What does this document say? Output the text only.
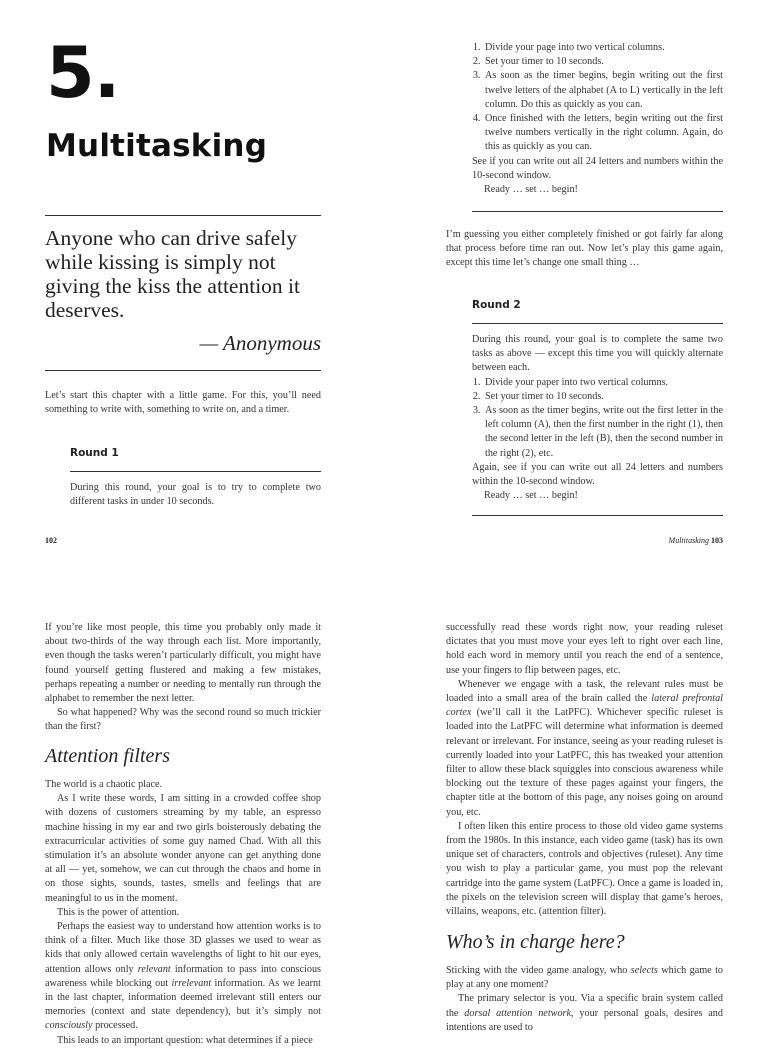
5.
Multitasking
Anyone who can drive safely while kissing is simply not giving the kiss the attention it deserves.
— Anonymous

Let’s start this chapter with a little game. For this, you’ll need something to write with, something to write on, and a timer.

Round 1

During this round, your goal is to try to complete two different tasks in under 10 seconds.

102
1. Divide your page into two vertical columns.
2. Set your timer to 10 seconds.
3. As soon as the timer begins, begin writing out the first twelve letters of the alphabet (A to L) vertically in the left column. Do this as quickly as you can.
4. Once finished with the letters, begin writing out the first twelve numbers vertically in the right column. Again, do this as quickly as you can.

See if you can write out all 24 letters and numbers within the 10-second window.

Ready … set … begin!

I’m guessing you either completely finished or got fairly far along that process before time ran out. Now let’s play this game again, except this time let’s change one small thing …

Round 2

During this round, your goal is to complete the same two tasks as above — except this time you will quickly alternate between each.

1. Divide your paper into two vertical columns.
2. Set your timer to 10 seconds.
3. As soon as the timer begins, write out the first letter in the left column (A), then the first number in the right (1), then the second letter in the left (B), then the second number in the right (2), etc.

Again, see if you can write out all 24 letters and numbers within the 10-second window.

Ready … set … begin!

Multitasking 103

If you’re like most people, this time you probably only made it about two-thirds of the way through each list. More importantly, even though the tasks weren’t particularly difficult, you might have found yourself getting flustered and making a few mistakes, perhaps repeating a number or needing to mentally run through the alphabet to remember the next letter.

So what happened? Why was the second round so much trickier than the first?

Attention filters

The world is a chaotic place.

As I write these words, I am sitting in a crowded coffee shop with dozens of customers streaming by my table, an espresso machine hissing in my ear and two girls boisterously debating the extracurricular activities of some guy named Chad. With all this stimulation it’s an absolute wonder anyone can get anything done at all — yet, somehow, we can cut through the chaos and home in on those sights, sounds, tastes, smells and feelings that are meaningful to us in the moment.

This is the power of attention.

Perhaps the easiest way to understand how attention works is to think of a filter. Much like those 3D glasses we used to wear as kids that only allowed certain wavelengths of light to hit our eyes, attention allows only relevant information to pass into conscious awareness while blocking out irrelevant information. As we learnt in the last chapter, information deemed irrelevant still enters our memories (context and state dependency), but it’s simply not consciously processed.

This leads to an important question: what determines if a piece

successfully read these words right now, your reading ruleset dictates that you must move your eyes left to right over each line, hold each word in memory until you reach the end of a sentence, use your fingers to flip between pages, etc.

Whenever we engage with a task, the relevant rules must be loaded into a small area of the brain called the lateral prefrontal cortex (we’ll call it the LatPFC). Whichever specific ruleset is loaded into the LatPFC will determine what information is deemed relevant or irrelevant. For instance, seeing as your reading ruleset is currently loaded into your LatPFC, this has tweaked your attention filter to allow these black squiggles into conscious awareness while blocking out the texture of these pages against your fingers, the chapter title at the bottom of this page, any noises going on around you, etc.

I often liken this entire process to those old video game systems from the 1980s. In this instance, each video game (task) has its own unique set of characters, controls and objectives (ruleset). Any time you wish to play a particular game, you must pop the relevant cartridge into the game system (LatPFC). Once a game is loaded in, the pixels on the television screen will display that game’s heroes, villains, weapons, etc. (attention filter).

Who’s in charge here?

Sticking with the video game analogy, who selects which game to play at any one moment?

The primary selector is you. Via a specific brain system called the dorsal attention network, your personal goals, desires and intentions are used to
